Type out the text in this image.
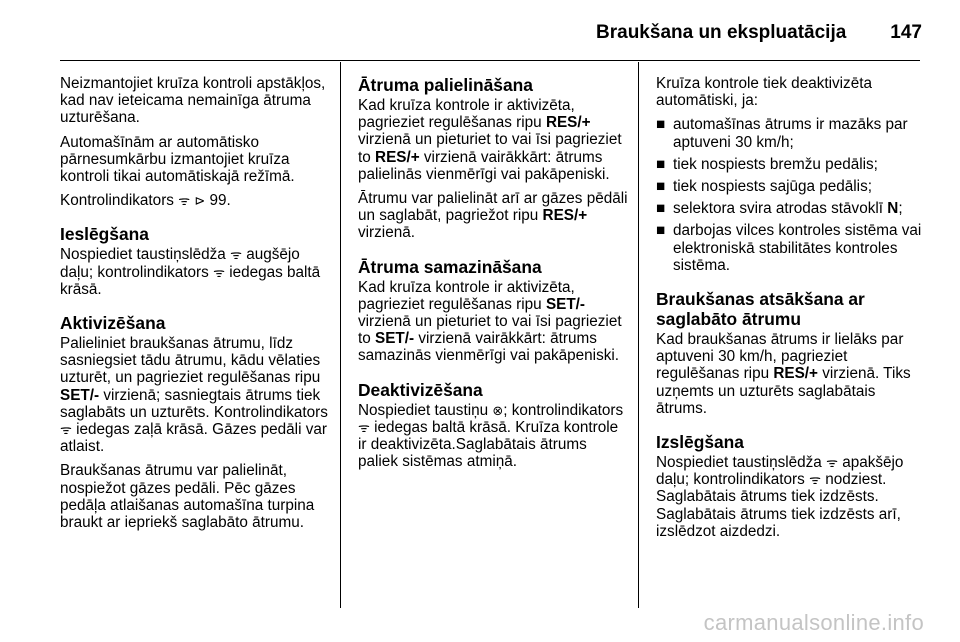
Braukšana un ekspluatācija 147

Neizmantojiet kruīza kontroli apstākļos, kad nav ieteicama nemainīga ātruma uzturēšana.

Automašīnām ar automātisko pārnesumkārbu izmantojiet kruīza kontroli tikai automātiskajā režīmā.

Kontrolindikators ᯤ ⊳ 99.

Ieslēgšana

Nospiediet taustiņslēdža ᯤ augšējo daļu; kontrolindikators ᯤ iedegas baltā krāsā.

Aktivizēšana

Palieliniet braukšanas ātrumu, līdz sasniegsiet tādu ātrumu, kādu vēlaties uzturēt, un pagrieziet regulēšanas ripu SET/- virzienā; sasniegtais ātrums tiek saglabāts un uzturēts. Kontrolindikators ᯤ iedegas zaļā krāsā. Gāzes pedāli var atlaist.

Braukšanas ātrumu var palielināt, nospiežot gāzes pedāli. Pēc gāzes pedāļa atlaišanas automašīna turpina braukt ar iepriekš saglabāto ātrumu.

Ātruma palielināšana

Kad kruīza kontrole ir aktivizēta, pagrieziet regulēšanas ripu RES/+ virzienā un pieturiet to vai īsi pagrieziet to RES/+ virzienā vairākkārt: ātrums palielinās vienmērīgi vai pakāpeniski.

Ātrumu var palielināt arī ar gāzes pēdāli un saglabāt, pagriežot ripu RES/+ virzienā.

Ātruma samazināšana

Kad kruīza kontrole ir aktivizēta, pagrieziet regulēšanas ripu SET/- virzienā un pieturiet to vai īsi pagrieziet to SET/- virzienā vairākkārt: ātrums samazinās vienmērīgi vai pakāpeniski.

Deaktivizēšana

Nospiediet taustiņu ⊗; kontrolindikators ᯤ iedegas baltā krāsā. Kruīza kontrole ir deaktivizēta.Saglabātais ātrums paliek sistēmas atmiņā.

Kruīza kontrole tiek deaktivizēta automātiski, ja:

■ automašīnas ātrums ir mazāks par aptuveni 30 km/h;
■ tiek nospiests bremžu pedālis;
■ tiek nospiests sajūga pedālis;
■ selektora svira atrodas stāvoklī N;
■ darbojas vilces kontroles sistēma vai elektroniskā stabilitātes kontroles sistēma.
Braukšanas atsākšana ar saglabāto ātrumu

Kad braukšanas ātrums ir lielāks par aptuveni 30 km/h, pagrieziet regulēšanas ripu RES/+ virzienā. Tiks uzņemts un uzturēts saglabātais ātrums.

Izslēgšana

Nospiediet taustiņslēdža ᯤ apakšējo daļu; kontrolindikators ᯤ nodziest. Saglabātais ātrums tiek izdzēsts. Saglabātais ātrums tiek izdzēsts arī, izslēdzot aizdedzi.

carmanualsonline.info
